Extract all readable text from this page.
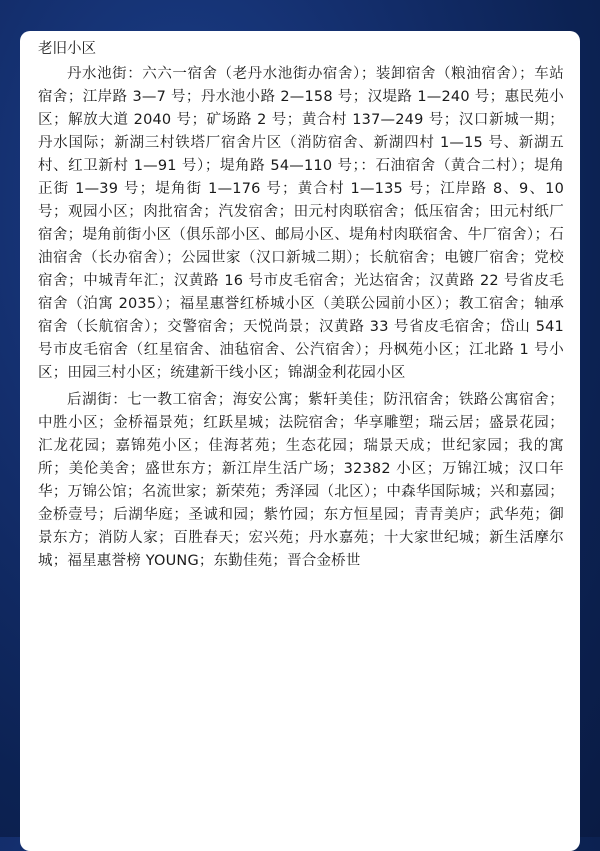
老旧小区

丹水池街：六六一宿舍（老丹水池街办宿舍）；装卸宿舍（粮油宿舍）；车站宿舍；江岸路 3—7 号；丹水池小路 2—158 号；汉堤路 1—240 号；惠民苑小区；解放大道 2040 号；矿场路 2 号；黄合村 137—249 号；汉口新城一期；丹水国际；新湖三村铁塔厂宿舍片区（消防宿舍、新湖四村 1—15 号、新湖五村、红卫新村 1—91 号）；堤角路 54—110 号；：石油宿舍（黄合二村）；堤角正街 1—39 号；堤角街 1—176 号；黄合村 1—135 号；江岸路 8、9、10 号；观园小区；肉批宿舍；汽发宿舍；田元村肉联宿舍；低压宿舍；田元村纸厂宿舍；堤角前街小区（俱乐部小区、邮局小区、堤角村肉联宿舍、牛厂宿舍）；石油宿舍（长办宿舍）；公园世家（汉口新城二期）；长航宿舍；电镀厂宿舍；党校宿舍；中城青年汇；汉黄路 16 号市皮毛宿舍；光达宿舍；汉黄路 22 号省皮毛宿舍（泊寓 2035）；福星惠誉红桥城小区（美联公园前小区）；教工宿舍；轴承宿舍（长航宿舍）；交警宿舍；天悦尚景；汉黄路 33 号省皮毛宿舍；岱山 541 号市皮毛宿舍（红星宿舍、油毡宿舍、公汽宿舍）；丹枫苑小区；江北路 1 号小区；田园三村小区；统建新干线小区；锦湖金利花园小区

后湖街：七一教工宿舍；海安公寓；紫轩美佳；防汛宿舍；铁路公寓宿舍；中胜小区；金桥福景苑；红跃星城；法院宿舍；华享雕塑；瑞云居；盛景花园；汇龙花园；嘉锦苑小区；佳海茗苑；生态花园；瑞景天成；世纪家园；我的寓所；美伦美舍；盛世东方；新江岸生活广场；32382 小区；万锦江城；汉口年华；万锦公馆；名流世家；新荣苑；秀泽园（北区）；中森华国际城；兴和嘉园；金桥壹号；后湖华庭；圣诚和园；紫竹园；东方恒星园；青青美庐；武华苑；御景东方；消防人家；百胜春天；宏兴苑；丹水嘉苑；十大家世纪城；新生活摩尔城；福星惠誉榜 YOUNG；东勤佳苑；晋合金桥世
